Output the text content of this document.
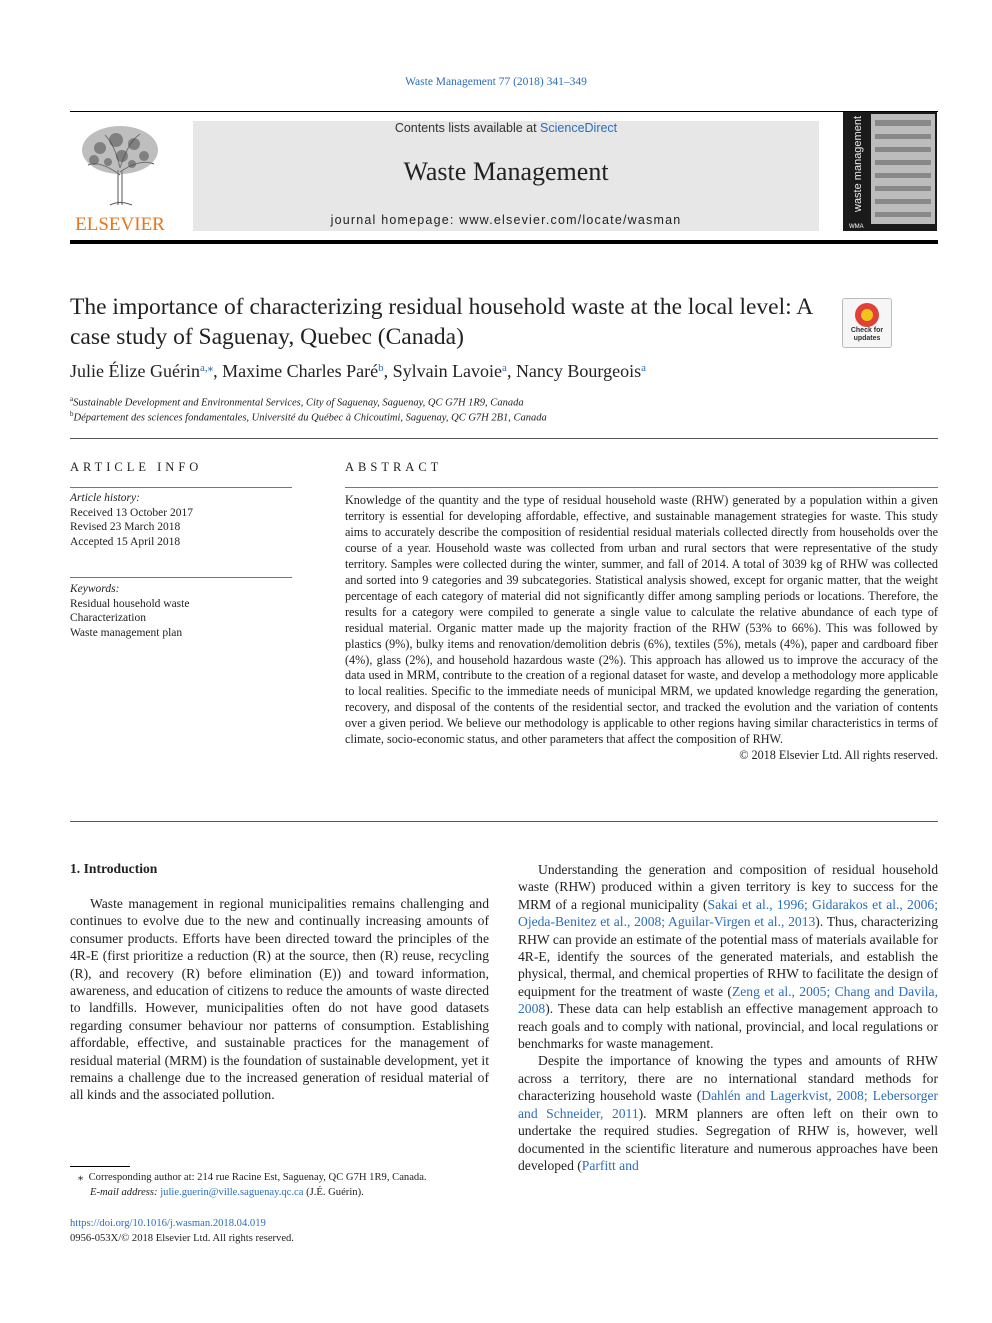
Waste Management 77 (2018) 341–349
ELSEVIER
Contents lists available at ScienceDirect
Waste Management
journal homepage: www.elsevier.com/locate/wasman
waste management
WMA
The importance of characterizing residual household waste at the local level: A case study of Saguenay, Quebec (Canada)	Check for
updates
Julie Élize Guérin$^{a,⁎}$, Maxime Charles Paré$^b$, Sylvain Lavoie$^a$, Nancy Bourgeois$^a$
$^a$Sustainable Development and Environmental Services, City of Saguenay, Saguenay, QC G7H 1R9, Canada
$^b$Département des sciences fondamentales, Université du Québec à Chicoutimi, Saguenay, QC G7H 2B1, Canada
ARTICLE INFO
Article history:
Received 13 October 2017
Revised 23 March 2018
Accepted 15 April 2018
Keywords:
Residual household waste
Characterization
Waste management plan
ABSTRACT

Knowledge of the quantity and the type of residual household waste (RHW) generated by a population within a given territory is essential for developing affordable, effective, and sustainable management strategies for waste. This study aims to accurately describe the composition of residential residual materials collected directly from households over the course of a year. Household waste was collected from urban and rural sectors that were representative of the study territory. Samples were collected during the winter, summer, and fall of 2014. A total of 3039 kg of RHW was collected and sorted into 9 categories and 39 subcategories. Statistical analysis showed, except for organic matter, that the weight percentage of each category of material did not significantly differ among sampling periods or locations. Therefore, the results for a category were compiled to generate a single value to calculate the relative abundance of each type of residual material. Organic matter made up the majority fraction of the RHW (53% to 66%). This was followed by plastics (9%), bulky items and renovation/demolition debris (6%), textiles (5%), metals (4%), paper and cardboard fiber (4%), glass (2%), and household hazardous waste (2%). This approach has allowed us to improve the accuracy of the data used in MRM, contribute to the creation of a regional dataset for waste, and develop a methodology more applicable to local realities. Specific to the immediate needs of municipal MRM, we updated knowledge regarding the generation, recovery, and disposal of the contents of the residential sector, and tracked the evolution and the variation of contents over a given period. We believe our methodology is applicable to other regions having similar characteristics in terms of climate, socio-economic status, and other parameters that affect the composition of RHW.

© 2018 Elsevier Ltd. All rights reserved.

1. Introduction

Waste management in regional municipalities remains challenging and continues to evolve due to the new and continually increasing amounts of consumer products. Efforts have been directed toward the principles of the 4R-E (first prioritize a reduction (R) at the source, then (R) reuse, recycling (R), and recovery (R) before elimination (E)) and toward information, awareness, and education of citizens to reduce the amounts of waste directed to landfills. However, municipalities often do not have good datasets regarding consumer behaviour nor patterns of consumption. Establishing affordable, effective, and sustainable practices for the management of residual material (MRM) is the foundation of sustainable development, yet it remains a challenge due to the increased generation of residual material of all kinds and the associated pollution.

Understanding the generation and composition of residual household waste (RHW) produced within a given territory is key to success for the MRM of a regional municipality (Sakai et al., 1996; Gidarakos et al., 2006; Ojeda-Benitez et al., 2008; Aguilar-Virgen et al., 2013). Thus, characterizing RHW can provide an estimate of the potential mass of materials available for 4R-E, identify the sources of the generated materials, and establish the physical, thermal, and chemical properties of RHW to facilitate the design of equipment for the treatment of waste (Zeng et al., 2005; Chang and Davila, 2008). These data can help establish an effective management approach to reach goals and to comply with national, provincial, and local regulations or benchmarks for waste management.

Despite the importance of knowing the types and amounts of RHW across a territory, there are no international standard methods for characterizing household waste (Dahlén and Lagerkvist, 2008; Lebersorger and Schneider, 2011). MRM planners are often left on their own to undertake the required studies. Segregation of RHW is, however, well documented in the scientific literature and numerous approaches have been developed (Parfitt and

⁎ Corresponding author at: 214 rue Racine Est, Saguenay, QC G7H 1R9, Canada.
E-mail address: julie.guerin@ville.saguenay.qc.ca (J.É. Guérin).
https://doi.org/10.1016/j.wasman.2018.04.019
0956-053X/© 2018 Elsevier Ltd. All rights reserved.
